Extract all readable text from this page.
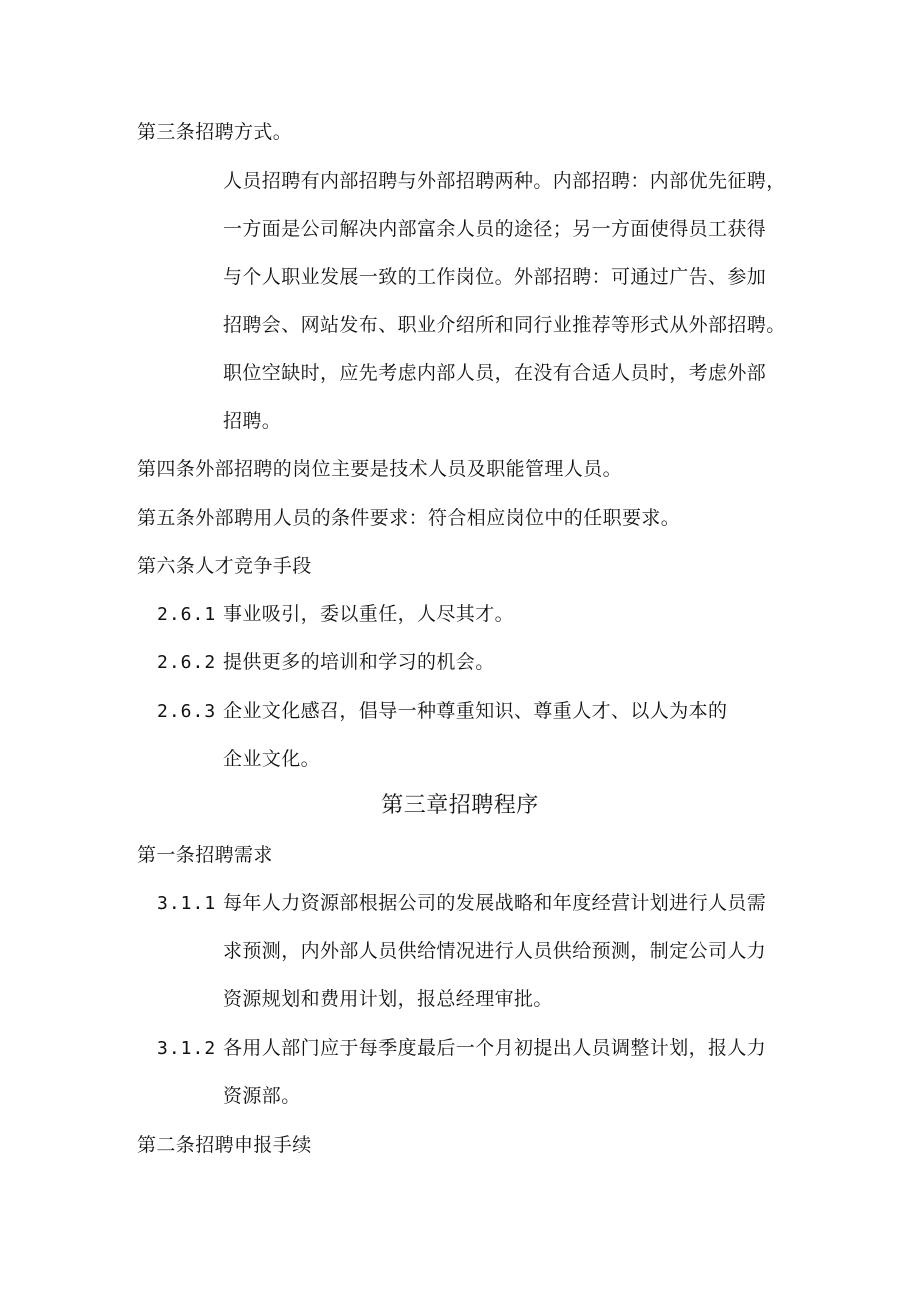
第三条招聘方式。
人员招聘有内部招聘与外部招聘两种。内部招聘：内部优先征聘，
一方面是公司解决内部富余人员的途径；另一方面使得员工获得
与个人职业发展一致的工作岗位。外部招聘：可通过广告、参加
招聘会、网站发布、职业介绍所和同行业推荐等形式从外部招聘。
职位空缺时，应先考虑内部人员，在没有合适人员时，考虑外部
招聘。
第四条外部招聘的岗位主要是技术人员及职能管理人员。
第五条外部聘用人员的条件要求：符合相应岗位中的任职要求。
第六条人才竞争手段
2.6.1 事业吸引，委以重任，人尽其才。
2.6.2 提供更多的培训和学习的机会。
2.6.3 企业文化感召，倡导一种尊重知识、尊重人才、以人为本的
企业文化。
第三章招聘程序
第一条招聘需求
3.1.1 每年人力资源部根据公司的发展战略和年度经营计划进行人员需
求预测，内外部人员供给情况进行人员供给预测，制定公司人力
资源规划和费用计划，报总经理审批。
3.1.2 各用人部门应于每季度最后一个月初提出人员调整计划，报人力
资源部。
第二条招聘申报手续
